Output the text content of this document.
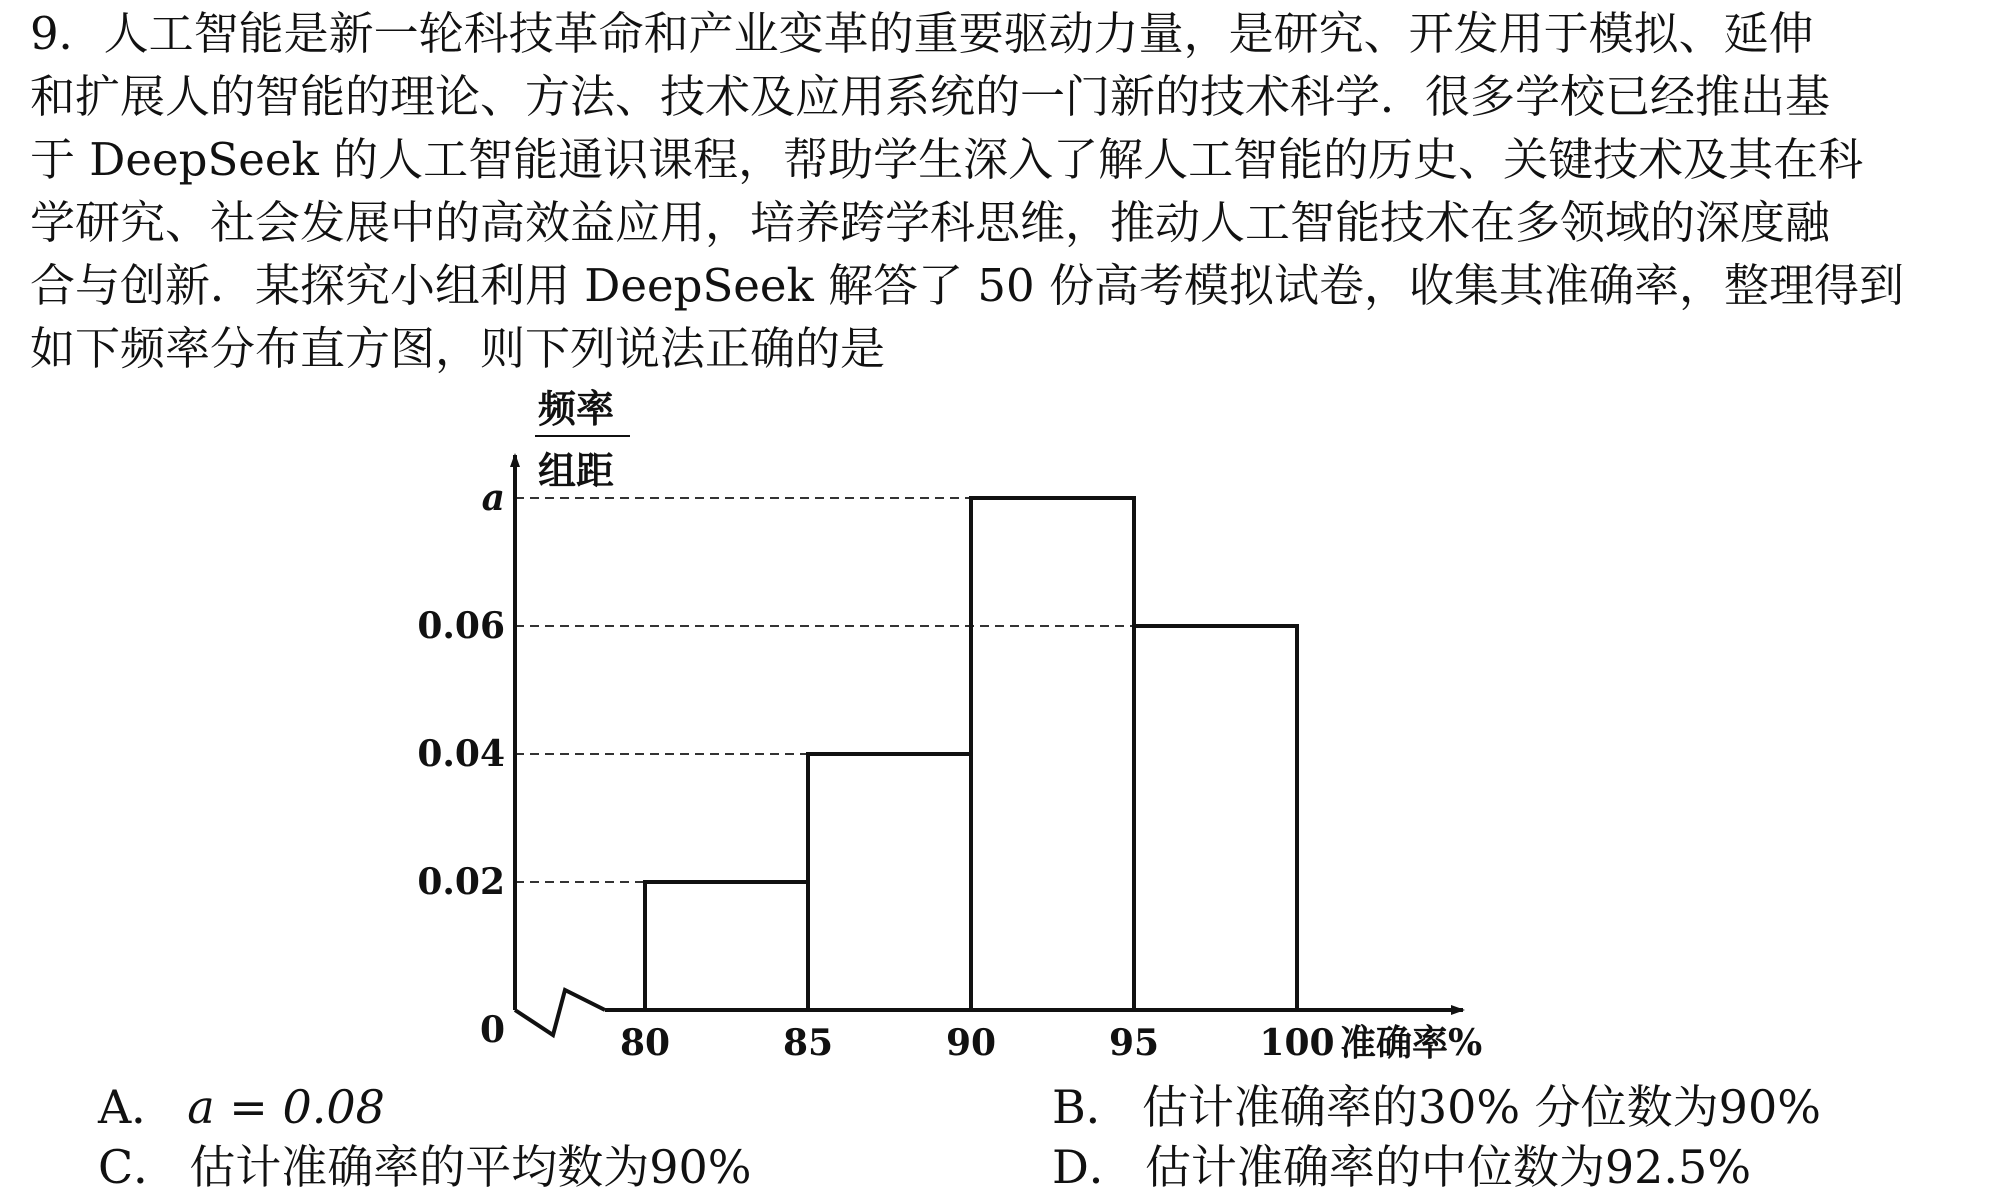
9．人工智能是新一轮科技革命和产业变革的重要驱动力量，是研究、开发用于模拟、延伸
和扩展人的智能的理论、方法、技术及应用系统的一门新的技术科学．很多学校已经推出基
于 DeepSeek 的人工智能通识课程，帮助学生深入了解人工智能的历史、关键技术及其在科
学研究、社会发展中的高效益应用，培养跨学科思维，推动人工智能技术在多领域的深度融
合与创新．某探究小组利用 DeepSeek 解答了 50 份高考模拟试卷，收集其准确率，整理得到
如下频率分布直方图，则下列说法正确的是
频率
组距
0	准确率%
0.02
0.04
0.06
a
80	85	90	95	100
A． a = 0.08	B． 估计准确率的30% 分位数为90%
C． 估计准确率的平均数为90%	D． 估计准确率的中位数为92.5%
